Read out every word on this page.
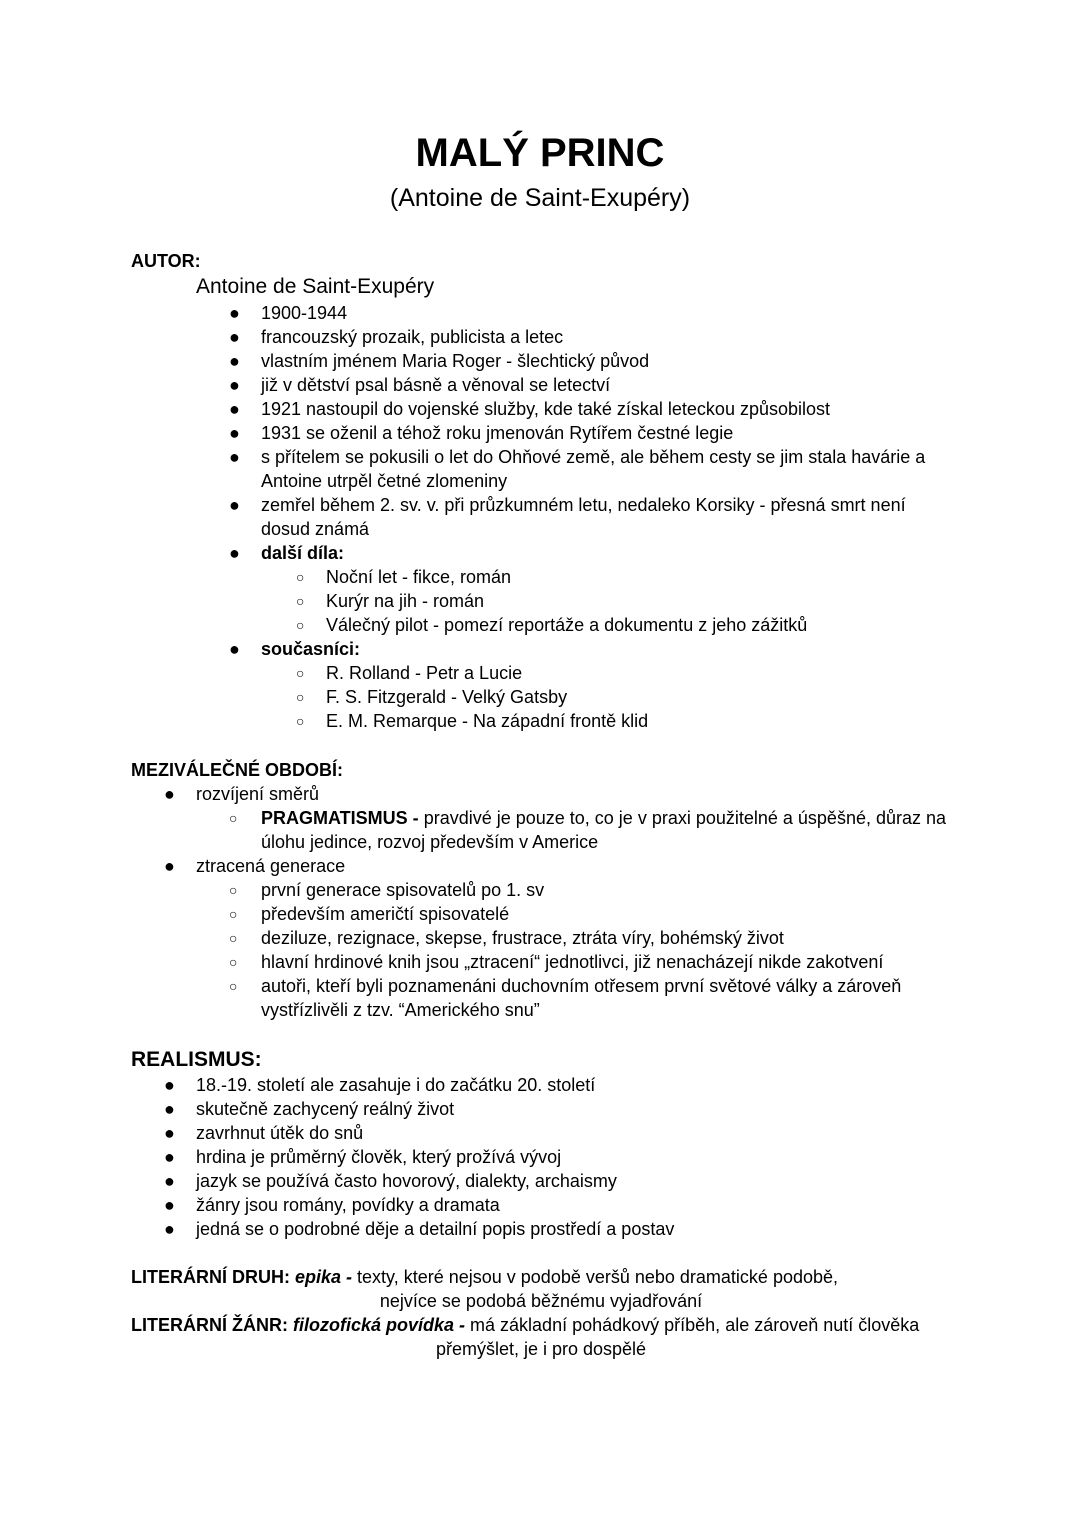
MALÝ PRINC
(Antoine de Saint-Exupéry)
AUTOR:
Antoine de Saint-Exupéry
● 1900-1944
● francouzský prozaik, publicista a letec
● vlastním jménem Maria Roger - šlechtický původ
● již v dětství psal básně a věnoval se letectví
● 1921 nastoupil do vojenské služby, kde také získal leteckou způsobilost
● 1931 se oženil a téhož roku jmenován Rytířem čestné legie
● s přítelem se pokusili o let do Ohňové země, ale během cesty se jim stala havárie a Antoine utrpěl četné zlomeniny
● zemřel během 2. sv. v. při průzkumném letu, nedaleko Korsiky - přesná smrt není dosud známá
● další díla:
○ Noční let - fikce, román
○ Kurýr na jih - román
○ Válečný pilot - pomezí reportáže a dokumentu z jeho zážitků
● současníci:
○ R. Rolland - Petr a Lucie
○ F. S. Fitzgerald - Velký Gatsby
○ E. M. Remarque - Na západní frontě klid
MEZIVÁLEČNÉ OBDOBÍ:
● rozvíjení směrů
○ PRAGMATISMUS - pravdivé je pouze to, co je v praxi použitelné a úspěšné, důraz na úlohu jedince, rozvoj především v Americe
● ztracená generace
○ první generace spisovatelů po 1. sv
○ především američtí spisovatelé
○ deziluze, rezignace, skepse, frustrace, ztráta víry, bohémský život
○ hlavní hrdinové knih jsou „ztracení“ jednotlivci, již nenacházejí nikde zakotvení
○ autoři, kteří byli poznamenáni duchovním otřesem první světové války a zároveň vystřízlivěli z tzv. “Amerického snu”
REALISMUS:
● 18.-19. století ale zasahuje i do začátku 20. století
● skutečně zachycený reálný život
● zavrhnut útěk do snů
● hrdina je průměrný člověk, který prožívá vývoj
● jazyk se používá často hovorový, dialekty, archaismy
● žánry jsou romány, povídky a dramata
● jedná se o podrobné děje a detailní popis prostředí a postav
LITERÁRNÍ DRUH: epika - texty, které nejsou v podobě veršů nebo dramatické podobě,
nejvíce se podobá běžnému vyjadřování
LITERÁRNÍ ŽÁNR: filozofická povídka - má základní pohádkový příběh, ale zároveň nutí člověka
přemýšlet, je i pro dospělé
